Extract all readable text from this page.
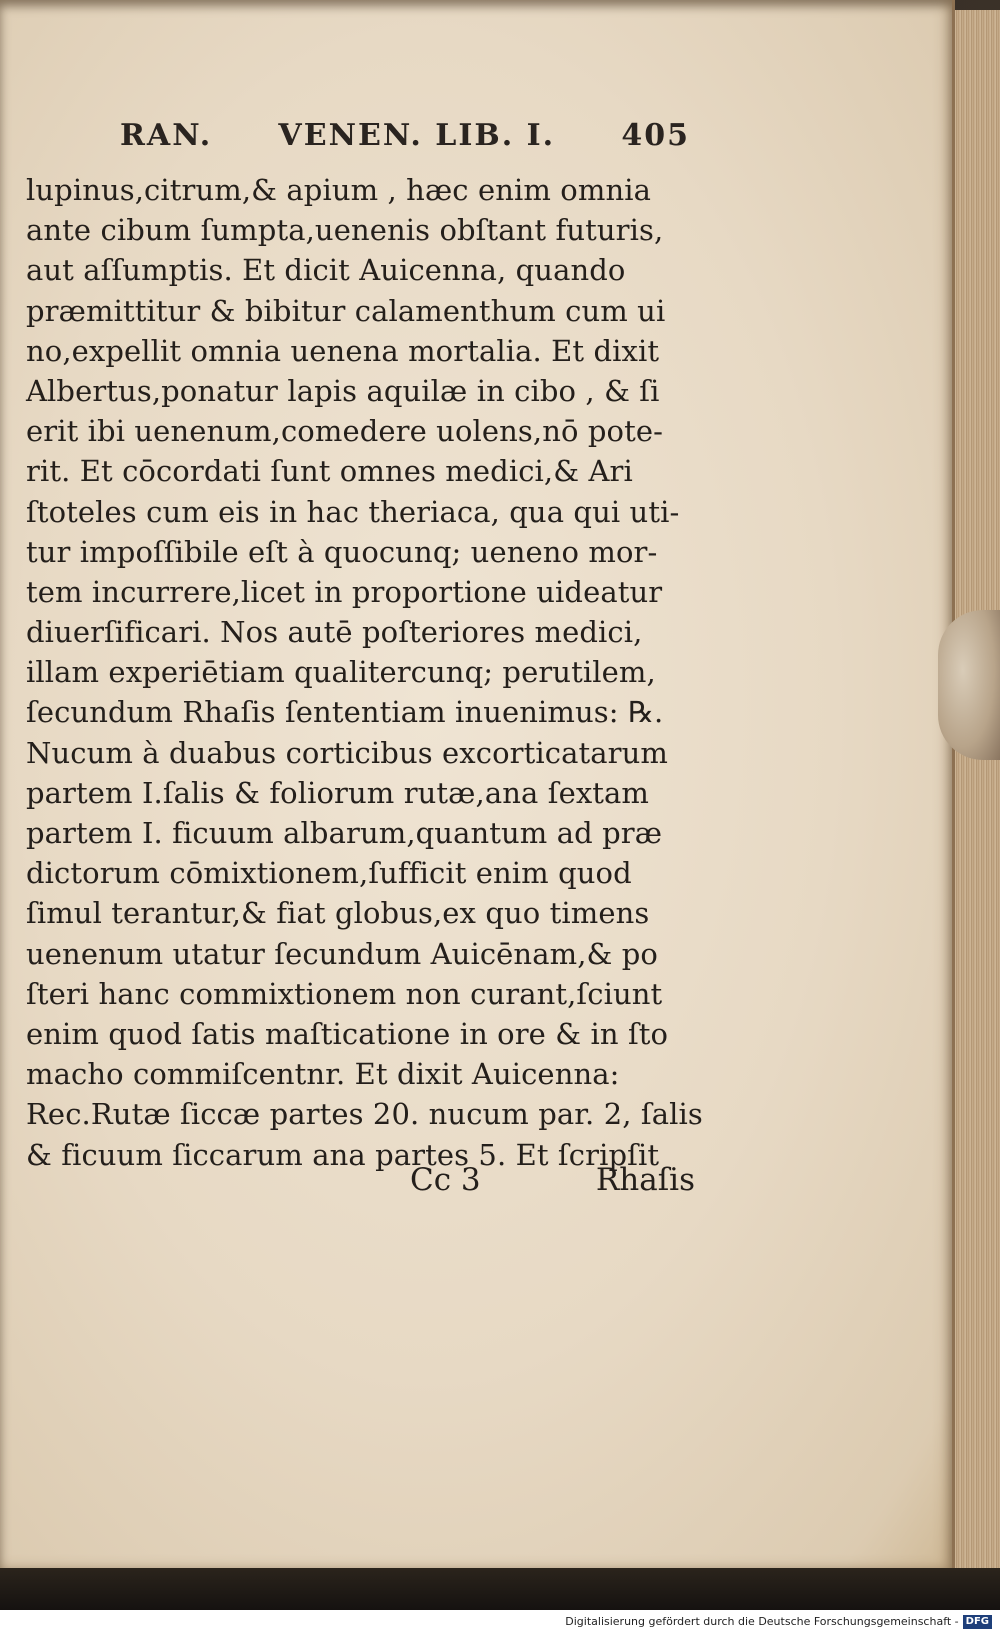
RAN. VENEN. LIB. I. 405
lupinus,citrum,& apium , hæc enim omnia
ante cibum ſumpta,uenenis obſtant futuris,
aut aſſumptis. Et dicit Auicenna, quando
præmittitur & bibitur calamenthum cum ui
no,expellit omnia uenena mortalia. Et dixit
Albertus,ponatur lapis aquilæ in cibo , & ſi
erit ibi uenenum,comedere uolens,nō pote-
rit. Et cōcordati ſunt omnes medici,& Ari
ſtoteles cum eis in hac theriaca, qua qui uti-
tur impoſſibile eſt à quocunq; ueneno mor-
tem incurrere,licet in proportione uideatur
diuerſificari. Nos autē poſteriores medici,
illam experiētiam qualitercunq; perutilem,
ſecundum Rhaſis ſententiam inuenimus: ℞.
Nucum à duabus corticibus excorticatarum
partem I.ſalis & foliorum rutæ,ana ſextam
partem I. ficuum albarum,quantum ad præ
dictorum cōmixtionem,ſufficit enim quod
ſimul terantur,& fiat globus,ex quo timens
uenenum utatur ſecundum Auicēnam,& po
ſteri hanc commixtionem non curant,ſciunt
enim quod ſatis maſticatione in ore & in ſto
macho commiſcentnr. Et dixit Auicenna:
Rec.Rutæ ſiccæ partes 20. nucum par. 2, ſalis
& ficuum ſiccarum ana partes 5. Et ſcripſit
Cc 3	Rhaſis
Digitalisierung gefördert durch die Deutsche Forschungsgemeinschaft - DFG
